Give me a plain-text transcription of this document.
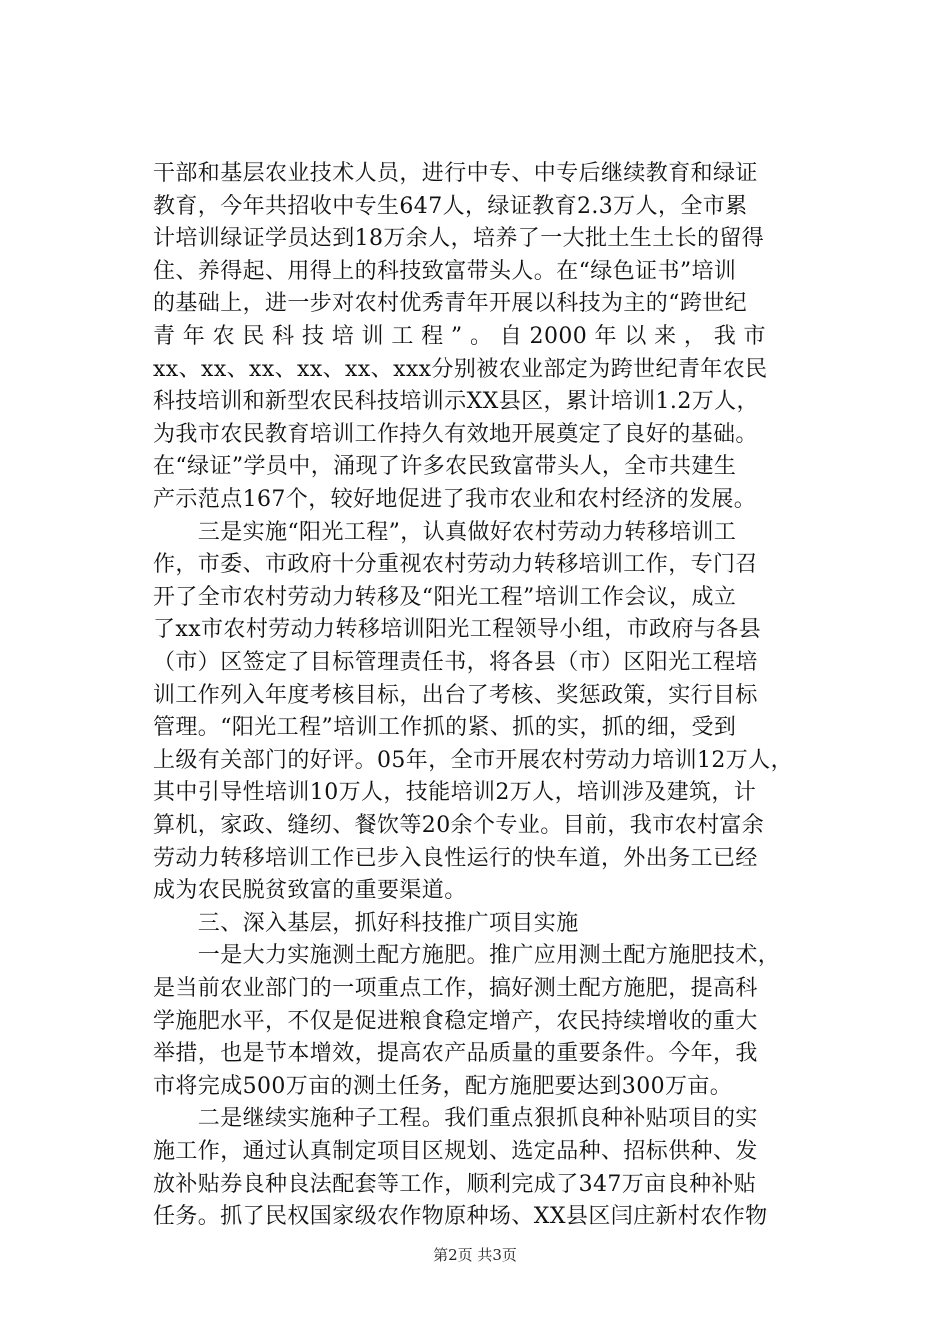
干部和基层农业技术人员，进行中专、中专后继续教育和绿证
教育，今年共招收中专生647人，绿证教育2.3万人，全市累
计培训绿证学员达到18万余人，培养了一大批土生土长的留得
住、养得起、用得上的科技致富带头人。在“绿色证书”培训
的基础上，进一步对农村优秀青年开展以科技为主的“跨世纪
青 年 农 民 科 技 培 训 工 程 ” 。 自 2000 年 以 来 ， 我 市
xx、xx、xx、xx、xx、xxx分别被农业部定为跨世纪青年农民
科技培训和新型农民科技培训示XX县区，累计培训1.2万人，
为我市农民教育培训工作持久有效地开展奠定了良好的基础。
在“绿证”学员中，涌现了许多农民致富带头人，全市共建生
产示范点167个，较好地促进了我市农业和农村经济的发展。
　　三是实施“阳光工程”，认真做好农村劳动力转移培训工
作，市委、市政府十分重视农村劳动力转移培训工作，专门召
开了全市农村劳动力转移及“阳光工程”培训工作会议，成立
了xx市农村劳动力转移培训阳光工程领导小组，市政府与各县
（市）区签定了目标管理责任书，将各县（市）区阳光工程培
训工作列入年度考核目标，出台了考核、奖惩政策，实行目标
管理。“阳光工程”培训工作抓的紧、抓的实，抓的细，受到
上级有关部门的好评。05年，全市开展农村劳动力培训12万人，
其中引导性培训10万人，技能培训2万人，培训涉及建筑，计
算机，家政、缝纫、餐饮等20余个专业。目前，我市农村富余
劳动力转移培训工作已步入良性运行的快车道，外出务工已经
成为农民脱贫致富的重要渠道。
　　三、深入基层，抓好科技推广项目实施
　　一是大力实施测土配方施肥。推广应用测土配方施肥技术，
是当前农业部门的一项重点工作，搞好测土配方施肥，提高科
学施肥水平，不仅是促进粮食稳定增产，农民持续增收的重大
举措，也是节本增效，提高农产品质量的重要条件。今年，我
市将完成500万亩的测土任务，配方施肥要达到300万亩。
　　二是继续实施种子工程。我们重点狠抓良种补贴项目的实
施工作，通过认真制定项目区规划、选定品种、招标供种、发
放补贴券良种良法配套等工作，顺利完成了347万亩良种补贴
任务。抓了民权国家级农作物原种场、XX县区闫庄新村农作物
第2页 共3页
